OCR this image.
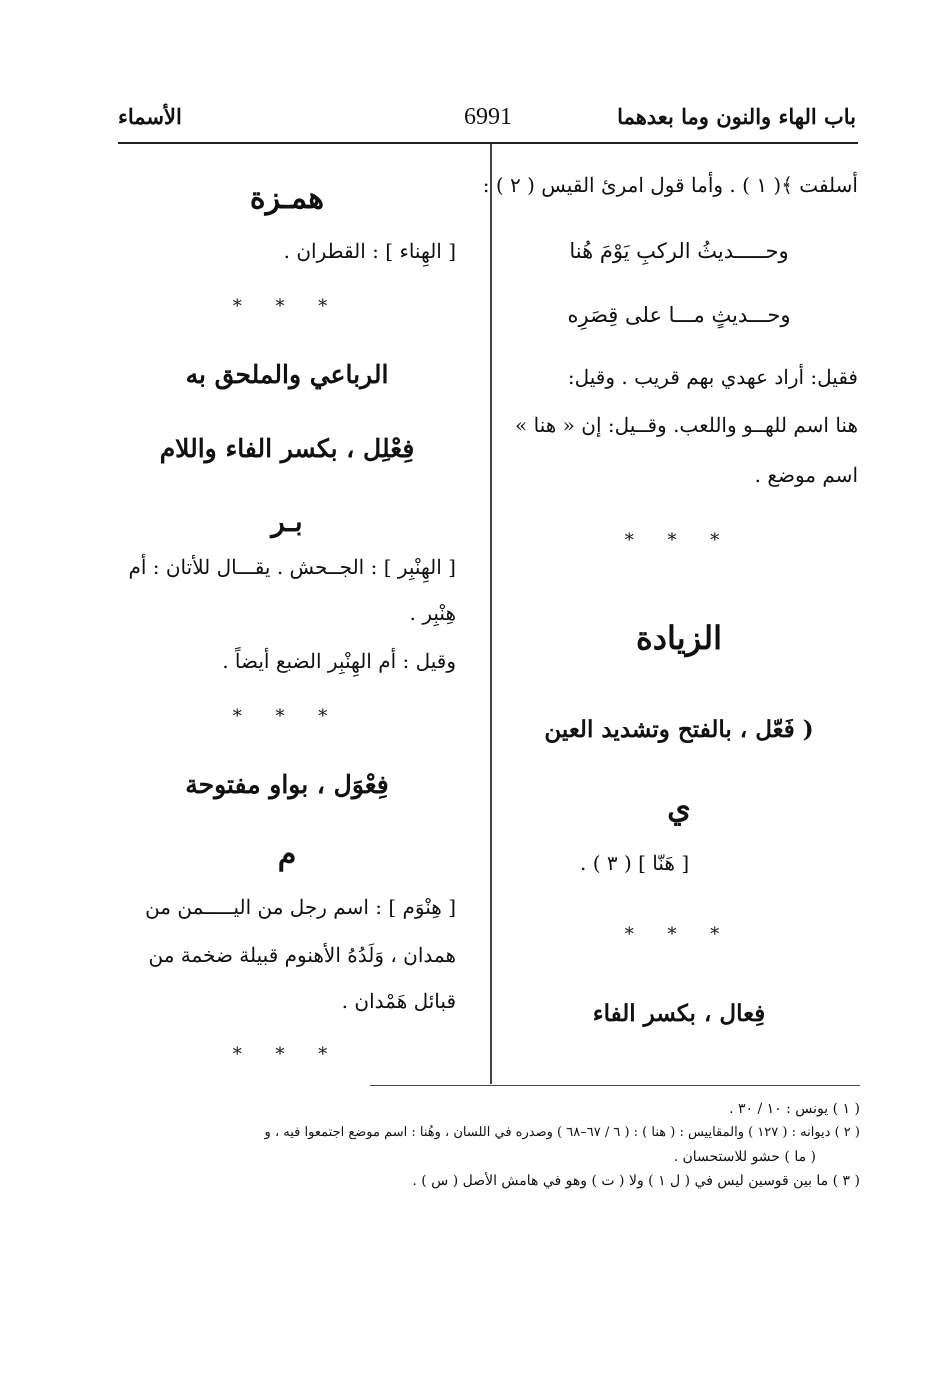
باب الهاء والنون وما بعدهما
6991
الأسماء
أسلفت ﴾( ١ ) . وأما قول امرئ القيس ( ٢ ) :
وحـــــديثُ الركبِ يَوْمَ هُنا
وحـــديثٍ مـــا على قِصَرِه
فقيل: أراد عهدي بهم قريب . وقيل:
هنا اسم للهــو واللعب. وقــيل: إن « هنا »
اسم موضع .
* * *
الزيادة
( فَعّل ، بالفتح وتشديد العين
ي
[ هَنّا ] ( ٣ ) .
* * *
فِعال ، بكسر الفاء
همـزة
[ الهِناء ] : القطران .
* * *
الرباعي والملحق به
فِعْلِل ، بكسر الفاء واللام
بـر
[ الهِنْبِر ] : الجــحش . يقـــال للأتان : أم
هِنْبِر .
وقيل : أم الهِنْبِر الضبع أيضاً .
* * *
فِعْوَل ، بواو مفتوحة
م
[ هِنْوَم ] : اسم رجل من اليـــــمن من
همدان ، وَلَدُهُ الأهنوم قبيلة ضخمة من
قبائل هَمْدان .
* * *
( ١ ) يونس : ١٠ / ٣٠ .
( ٢ ) ديوانه : ( ١٢٧ ) والمقاييس : ( هنا ) : ( ٦ / ٦٧–٦٨ ) وصدره في اللسان ، وهُنا : اسم موضع اجتمعوا فيه ، و
( ما ) حشو للاستحسان .
( ٣ ) ما بين قوسين ليس في ( ل ١ ) ولا ( ت ) وهو في هامش الأصل ( س ) .
